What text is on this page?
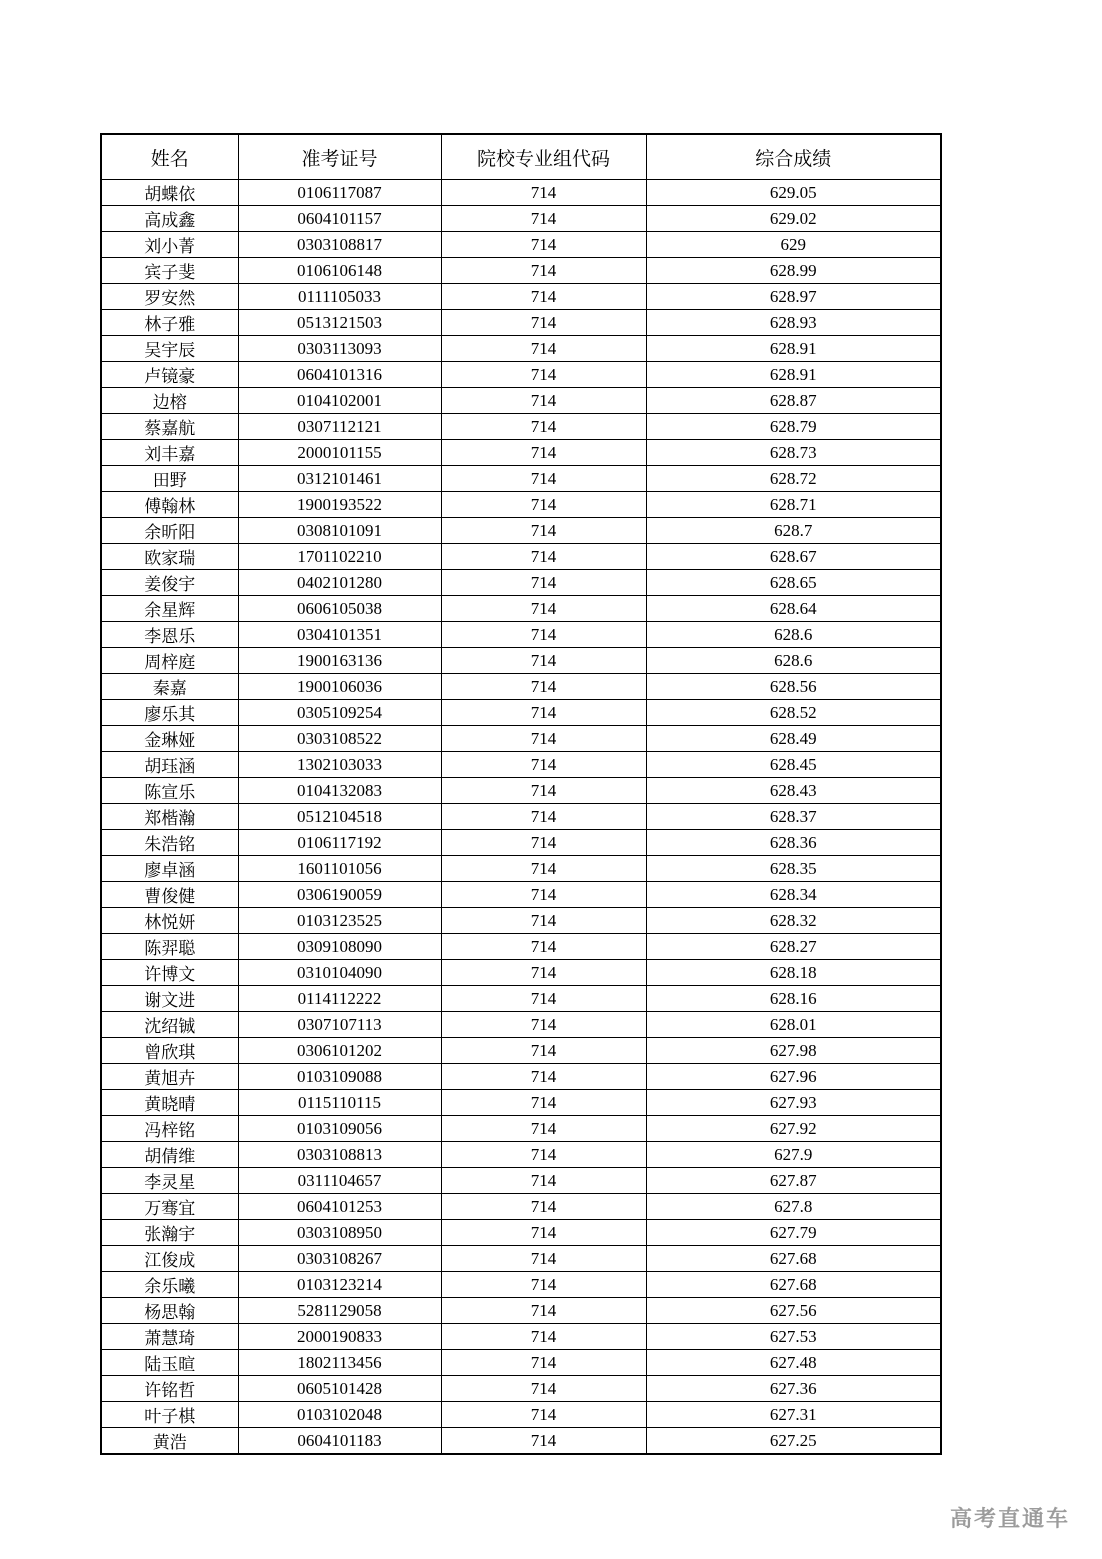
姓名	准考证号	院校专业组代码	综合成绩
胡蝶依	0106117087	714	629.05
高成鑫	0604101157	714	629.02
刘小菁	0303108817	714	629
宾子斐	0106106148	714	628.99
罗安然	0111105033	714	628.97
林子雅	0513121503	714	628.93
吴宇辰	0303113093	714	628.91
卢镜豪	0604101316	714	628.91
边榕	0104102001	714	628.87
蔡嘉航	0307112121	714	628.79
刘丰嘉	2000101155	714	628.73
田野	0312101461	714	628.72
傅翰林	1900193522	714	628.71
余昕阳	0308101091	714	628.7
欧家瑞	1701102210	714	628.67
姜俊宇	0402101280	714	628.65
余星辉	0606105038	714	628.64
李恩乐	0304101351	714	628.6
周梓庭	1900163136	714	628.6
秦嘉	1900106036	714	628.56
廖乐其	0305109254	714	628.52
金琳娅	0303108522	714	628.49
胡珏涵	1302103033	714	628.45
陈宣乐	0104132083	714	628.43
郑楷瀚	0512104518	714	628.37
朱浩铭	0106117192	714	628.36
廖卓涵	1601101056	714	628.35
曹俊健	0306190059	714	628.34
林悦妍	0103123525	714	628.32
陈羿聪	0309108090	714	628.27
许博文	0310104090	714	628.18
谢文进	0114112222	714	628.16
沈绍铖	0307107113	714	628.01
曾欣琪	0306101202	714	627.98
黄旭卉	0103109088	714	627.96
黄晓晴	0115110115	714	627.93
冯梓铭	0103109056	714	627.92
胡倩维	0303108813	714	627.9
李灵星	0311104657	714	627.87
万骞宜	0604101253	714	627.8
张瀚宇	0303108950	714	627.79
江俊成	0303108267	714	627.68
余乐曦	0103123214	714	627.68
杨思翰	5281129058	714	627.56
萧慧琦	2000190833	714	627.53
陆玉暄	1802113456	714	627.48
许铭哲	0605101428	714	627.36
叶子棋	0103102048	714	627.31
黄浩	0604101183	714	627.25
高考直通车
